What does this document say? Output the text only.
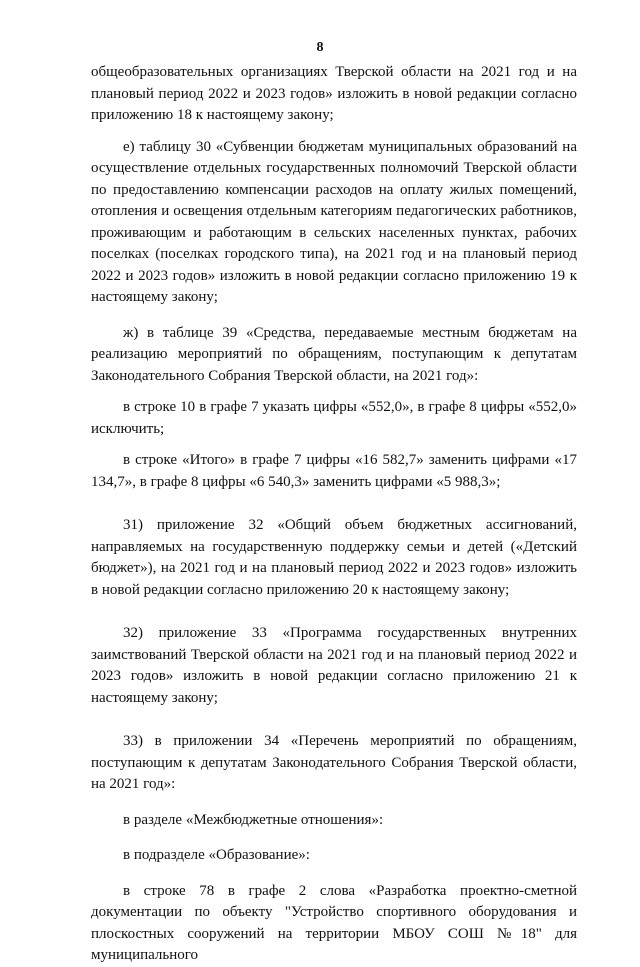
8

общеобразовательных организациях Тверской области на 2021 год и на плановый период 2022 и 2023 годов» изложить в новой редакции согласно приложению 18 к настоящему закону;

е) таблицу 30 «Субвенции бюджетам муниципальных образований на осуществление отдельных государственных полномочий Тверской области по предоставлению компенсации расходов на оплату жилых помещений, отопления и освещения отдельным категориям педагогических работников, проживающим и работающим в сельских населенных пунктах, рабочих поселках (поселках городского типа), на 2021 год и на плановый период 2022 и 2023 годов» изложить в новой редакции согласно приложению 19 к настоящему закону;

ж) в таблице 39 «Средства, передаваемые местным бюджетам на реализацию мероприятий по обращениям, поступающим к депутатам Законодательного Собрания Тверской области, на 2021 год»:

в строке 10 в графе 7 указать цифры «552,0», в графе 8 цифры «552,0» исключить;

в строке «Итого» в графе 7 цифры «16 582,7» заменить цифрами «17 134,7», в графе 8 цифры «6 540,3» заменить цифрами «5 988,3»;

31) приложение 32 «Общий объем бюджетных ассигнований, направляемых на государственную поддержку семьи и детей («Детский бюджет»), на 2021 год и на плановый период 2022 и 2023 годов» изложить в новой редакции согласно приложению 20 к настоящему закону;

32) приложение 33 «Программа государственных внутренних заимствований Тверской области на 2021 год и на плановый период 2022 и 2023 годов» изложить в новой редакции согласно приложению 21 к настоящему закону;

33) в приложении 34 «Перечень мероприятий по обращениям, поступающим к депутатам Законодательного Собрания Тверской области, на 2021 год»:

в разделе «Межбюджетные отношения»:

в подразделе «Образование»:

в строке 78 в графе 2 слова «Разработка проектно-сметной документации по объекту "Устройство спортивного оборудования и плоскостных сооружений на территории МБОУ СОШ №18" для муниципального
